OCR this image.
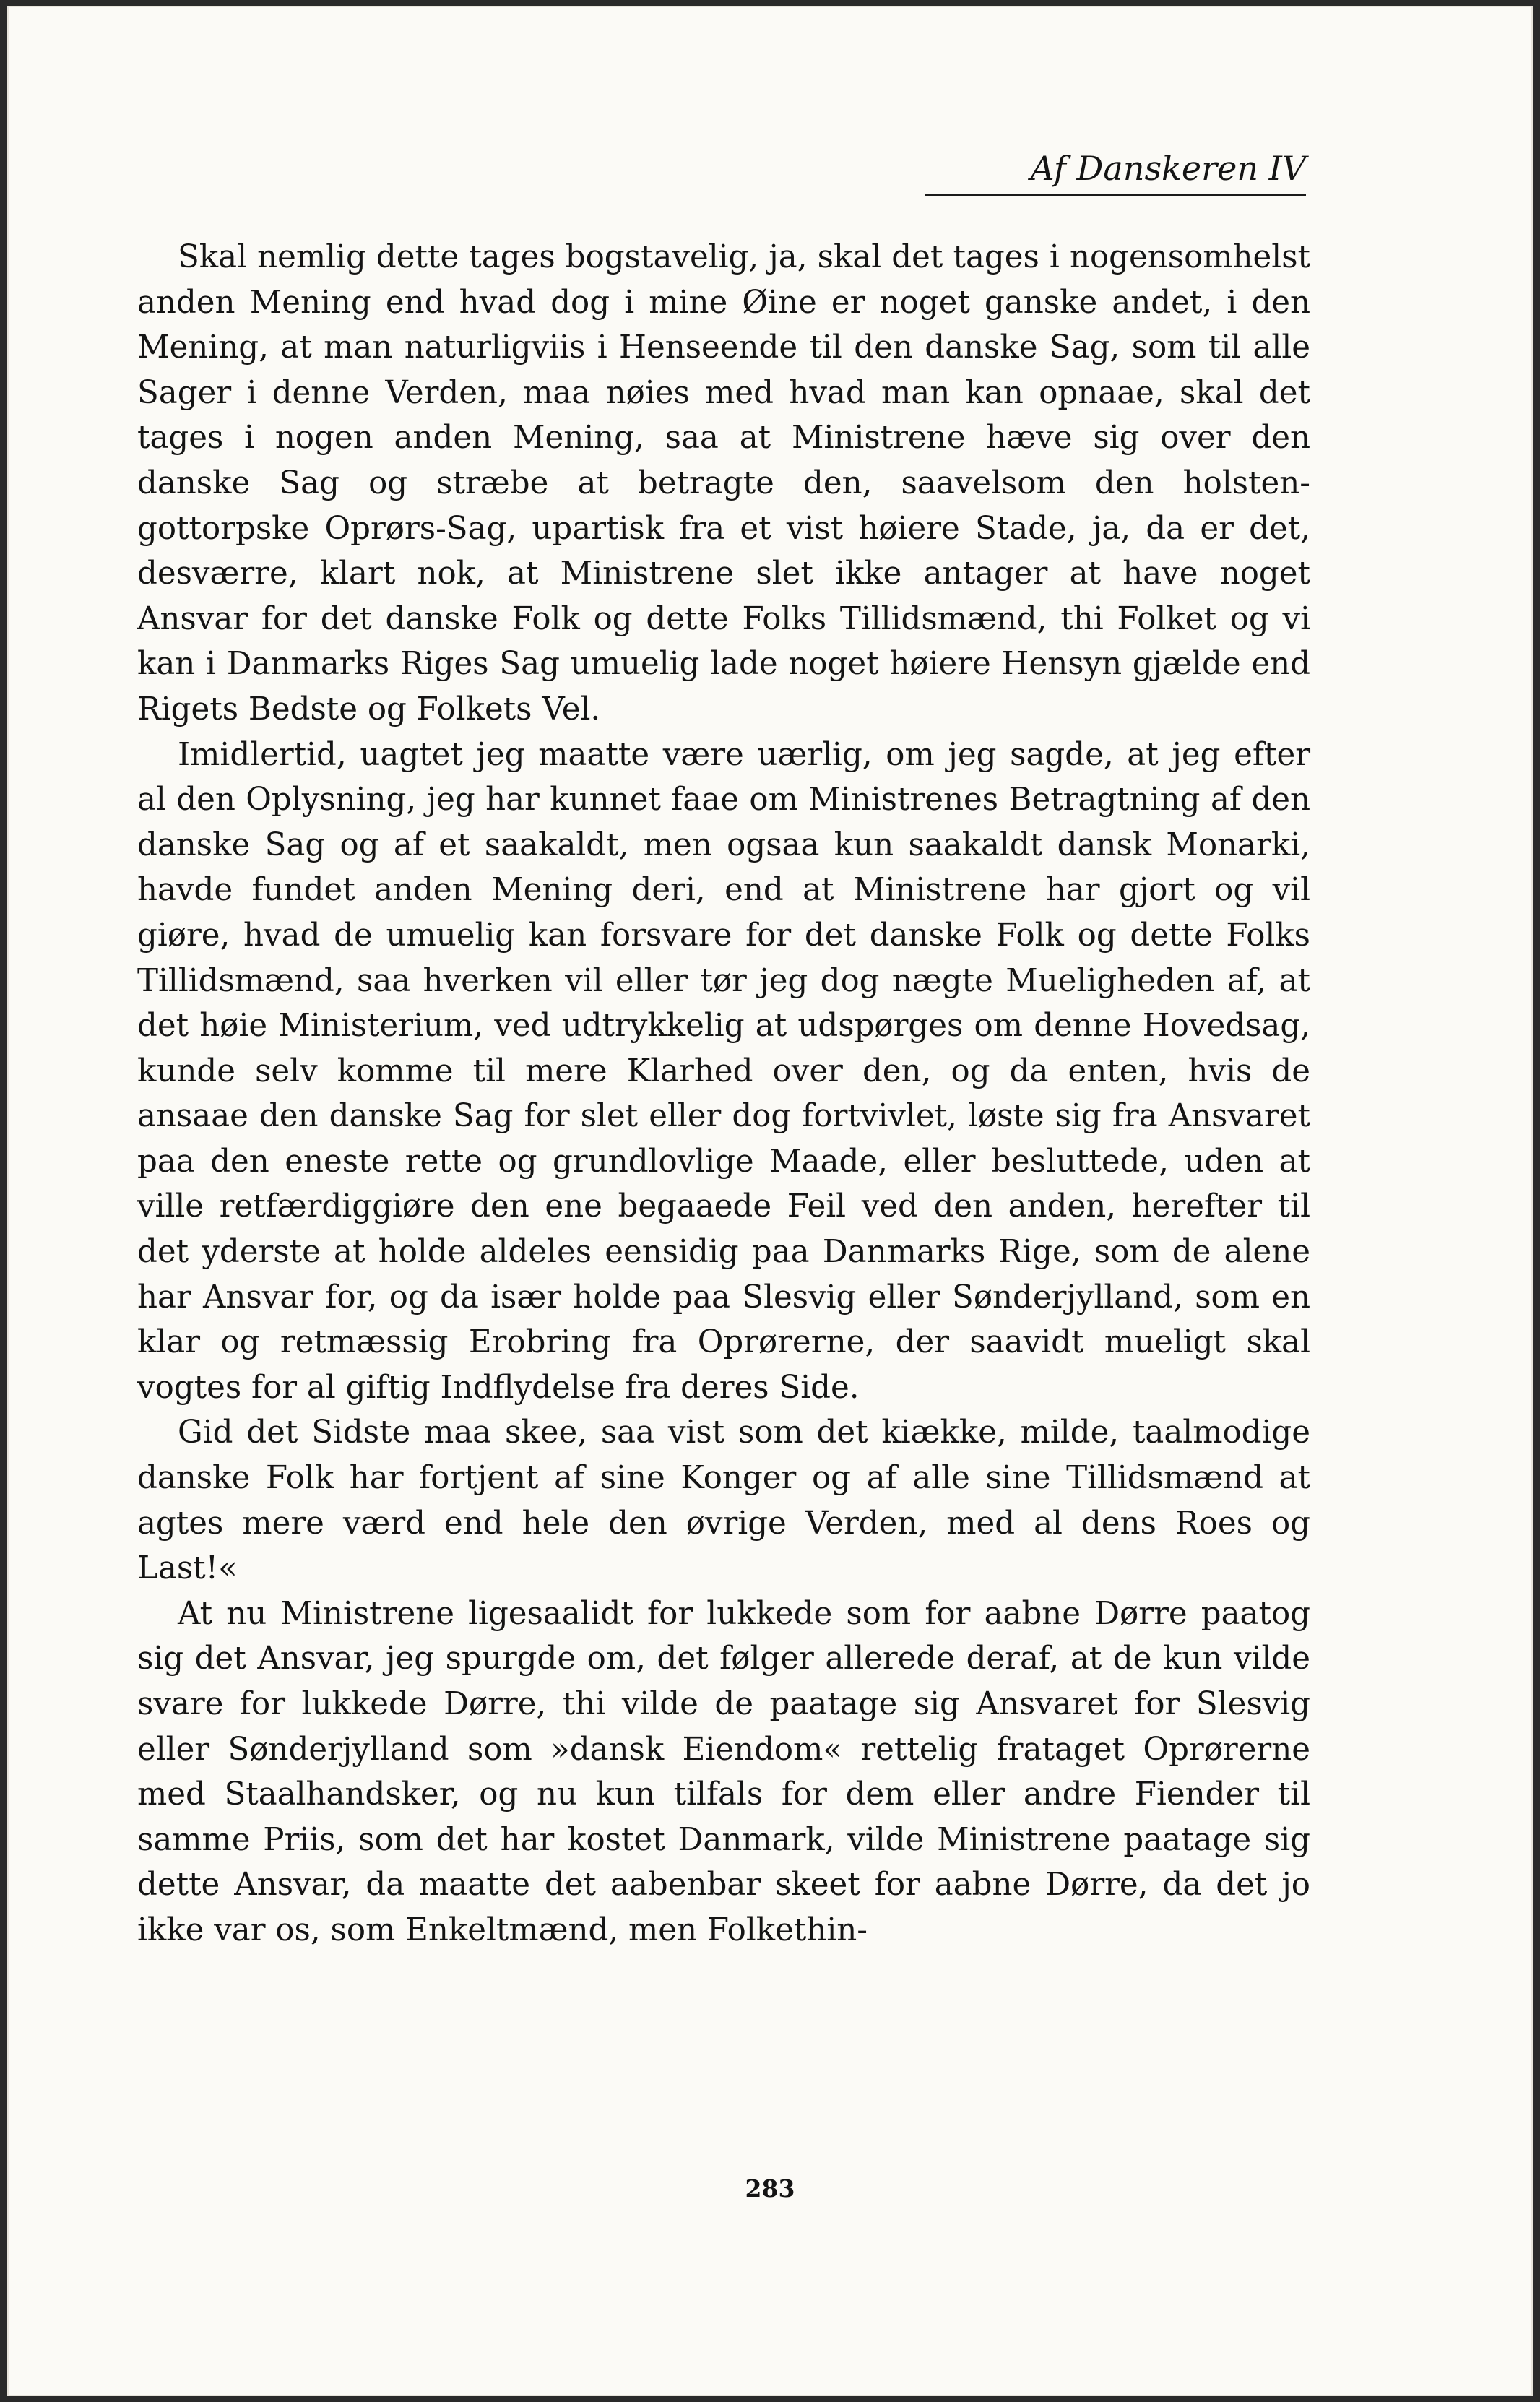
Af Danskeren IV

Skal nemlig dette tages bogstavelig, ja, skal det tages i nogensomhelst anden Mening end hvad dog i mine Øine er noget ganske andet, i den Mening, at man naturligviis i Henseende til den danske Sag, som til alle Sager i denne Verden, maa nøies med hvad man kan opnaae, skal det tages i nogen anden Mening, saa at Ministrene hæve sig over den danske Sag og stræbe at betragte den, saavelsom den holsten-gottorpske Oprørs-Sag, upartisk fra et vist høiere Stade, ja, da er det, desværre, klart nok, at Ministrene slet ikke antager at have noget Ansvar for det danske Folk og dette Folks Tillidsmænd, thi Folket og vi kan i Danmarks Riges Sag umuelig lade noget høiere Hensyn gjælde end Rigets Bedste og Folkets Vel.

Imidlertid, uagtet jeg maatte være uærlig, om jeg sagde, at jeg efter al den Oplysning, jeg har kunnet faae om Ministrenes Betragtning af den danske Sag og af et saakaldt, men ogsaa kun saakaldt dansk Monarki, havde fundet anden Mening deri, end at Ministrene har gjort og vil giøre, hvad de umuelig kan forsvare for det danske Folk og dette Folks Tillidsmænd, saa hverken vil eller tør jeg dog nægte Mueligheden af, at det høie Ministerium, ved udtrykkelig at udspørges om denne Hovedsag, kunde selv komme til mere Klarhed over den, og da enten, hvis de ansaae den danske Sag for slet eller dog fortvivlet, løste sig fra Ansvaret paa den eneste rette og grundlovlige Maade, eller besluttede, uden at ville retfærdiggiøre den ene begaaede Feil ved den anden, herefter til det yderste at holde aldeles eensidig paa Danmarks Rige, som de alene har Ansvar for, og da især holde paa Slesvig eller Sønderjylland, som en klar og retmæssig Erobring fra Oprørerne, der saavidt mueligt skal vogtes for al giftig Indflydelse fra deres Side.

Gid det Sidste maa skee, saa vist som det kiække, milde, taalmodige danske Folk har fortjent af sine Konger og af alle sine Tillidsmænd at agtes mere værd end hele den øvrige Verden, med al dens Roes og Last!«

At nu Ministrene ligesaalidt for lukkede som for aabne Dørre paatog sig det Ansvar, jeg spurgde om, det følger allerede deraf, at de kun vilde svare for lukkede Dørre, thi vilde de paatage sig Ansvaret for Slesvig eller Sønderjylland som »dansk Eiendom« rettelig frataget Oprørerne med Staalhandsker, og nu kun tilfals for dem eller andre Fiender til samme Priis, som det har kostet Danmark, vilde Ministrene paatage sig dette Ansvar, da maatte det aabenbar skeet for aabne Dørre, da det jo ikke var os, som Enkeltmænd, men Folkethin-

283
